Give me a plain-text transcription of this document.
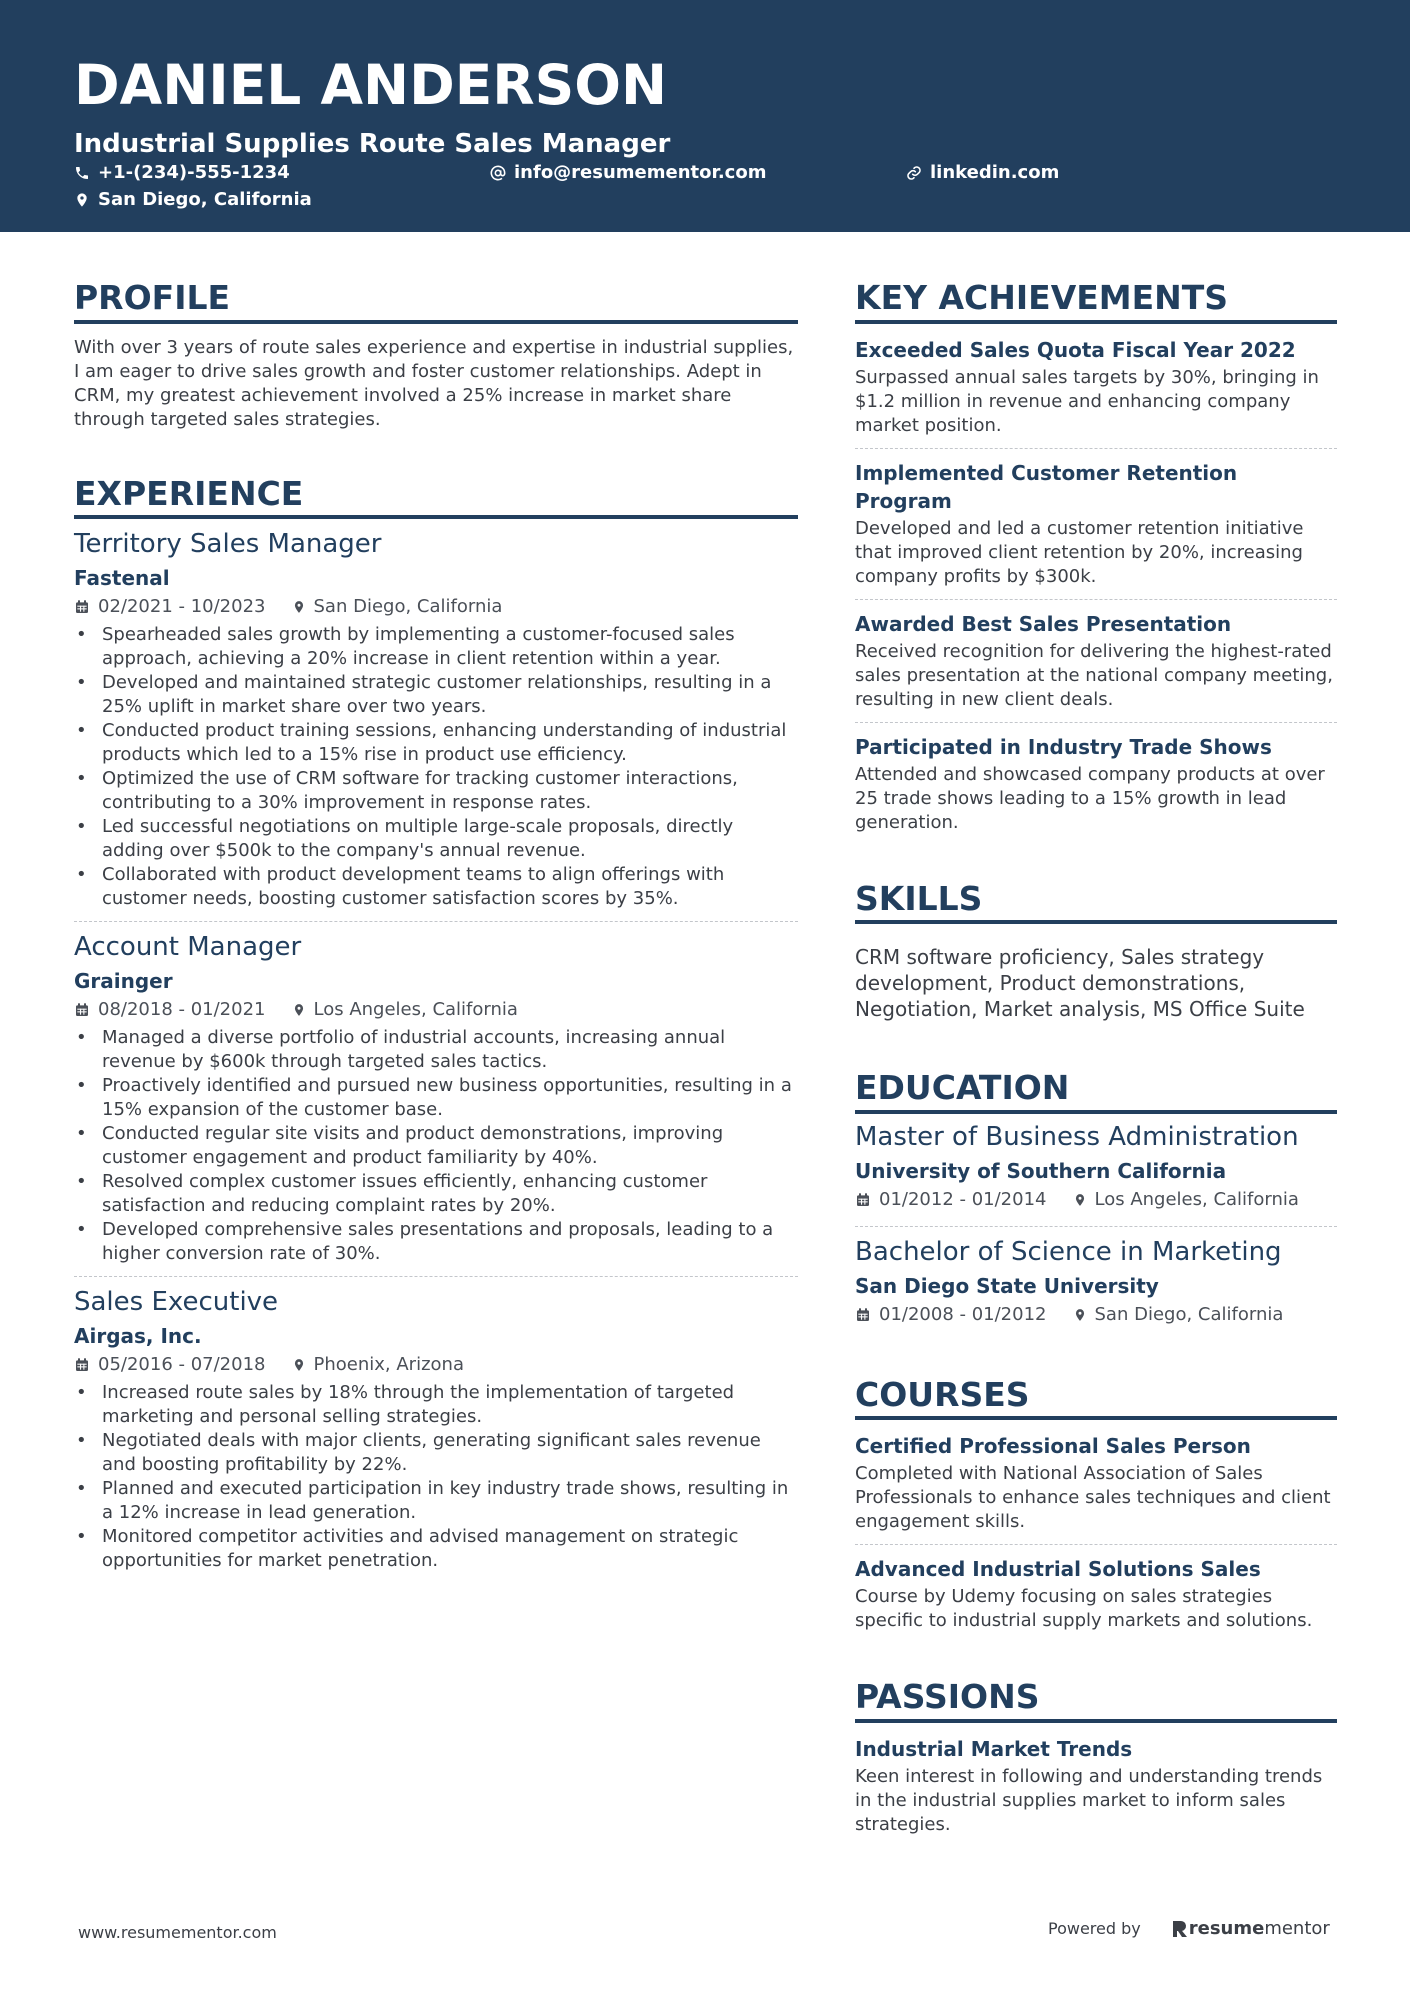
DANIEL ANDERSON
Industrial Supplies Route Sales Manager
+1-(234)-555-1234	info@resumementor.com	linkedin.com
San Diego, California
PROFILE

With over 3 years of route sales experience and expertise in industrial supplies, I am eager to drive sales growth and foster customer relationships. Adept in CRM, my greatest achievement involved a 25% increase in market share through targeted sales strategies.

EXPERIENCE
Territory Sales Manager
Fastenal
02/2021 - 10/2023	San Diego, California
• Spearheaded sales growth by implementing a customer-focused sales approach, achieving a 20% increase in client retention within a year.
• Developed and maintained strategic customer relationships, resulting in a 25% uplift in market share over two years.
• Conducted product training sessions, enhancing understanding of industrial products which led to a 15% rise in product use efficiency.
• Optimized the use of CRM software for tracking customer interactions, contributing to a 30% improvement in response rates.
• Led successful negotiations on multiple large-scale proposals, directly adding over $500k to the company's annual revenue.
• Collaborated with product development teams to align offerings with customer needs, boosting customer satisfaction scores by 35%.
Account Manager
Grainger
08/2018 - 01/2021	Los Angeles, California
• Managed a diverse portfolio of industrial accounts, increasing annual revenue by $600k through targeted sales tactics.
• Proactively identified and pursued new business opportunities, resulting in a 15% expansion of the customer base.
• Conducted regular site visits and product demonstrations, improving customer engagement and product familiarity by 40%.
• Resolved complex customer issues efficiently, enhancing customer satisfaction and reducing complaint rates by 20%.
• Developed comprehensive sales presentations and proposals, leading to a higher conversion rate of 30%.
Sales Executive
Airgas, Inc.
05/2016 - 07/2018	Phoenix, Arizona
• Increased route sales by 18% through the implementation of targeted marketing and personal selling strategies.
• Negotiated deals with major clients, generating significant sales revenue and boosting profitability by 22%.
• Planned and executed participation in key industry trade shows, resulting in a 12% increase in lead generation.
• Monitored competitor activities and advised management on strategic opportunities for market penetration.
KEY ACHIEVEMENTS
Exceeded Sales Quota Fiscal Year 2022
Surpassed annual sales targets by 30%, bringing in $1.2 million in revenue and enhancing company market position.
Implemented Customer Retention Program
Developed and led a customer retention initiative that improved client retention by 20%, increasing company profits by $300k.
Awarded Best Sales Presentation
Received recognition for delivering the highest-rated sales presentation at the national company meeting, resulting in new client deals.
Participated in Industry Trade Shows
Attended and showcased company products at over 25 trade shows leading to a 15% growth in lead generation.
SKILLS
CRM software proficiency, Sales strategy development, Product demonstrations, Negotiation, Market analysis, MS Office Suite
EDUCATION
Master of Business Administration
University of Southern California
01/2012 - 01/2014	Los Angeles, California
Bachelor of Science in Marketing
San Diego State University
01/2008 - 01/2012	San Diego, California
COURSES
Certified Professional Sales Person
Completed with National Association of Sales Professionals to enhance sales techniques and client engagement skills.
Advanced Industrial Solutions Sales
Course by Udemy focusing on sales strategies specific to industrial supply markets and solutions.
PASSIONS
Industrial Market Trends
Keen interest in following and understanding trends in the industrial supplies market to inform sales strategies.
www.resumementor.com	Powered by	resume mentor
